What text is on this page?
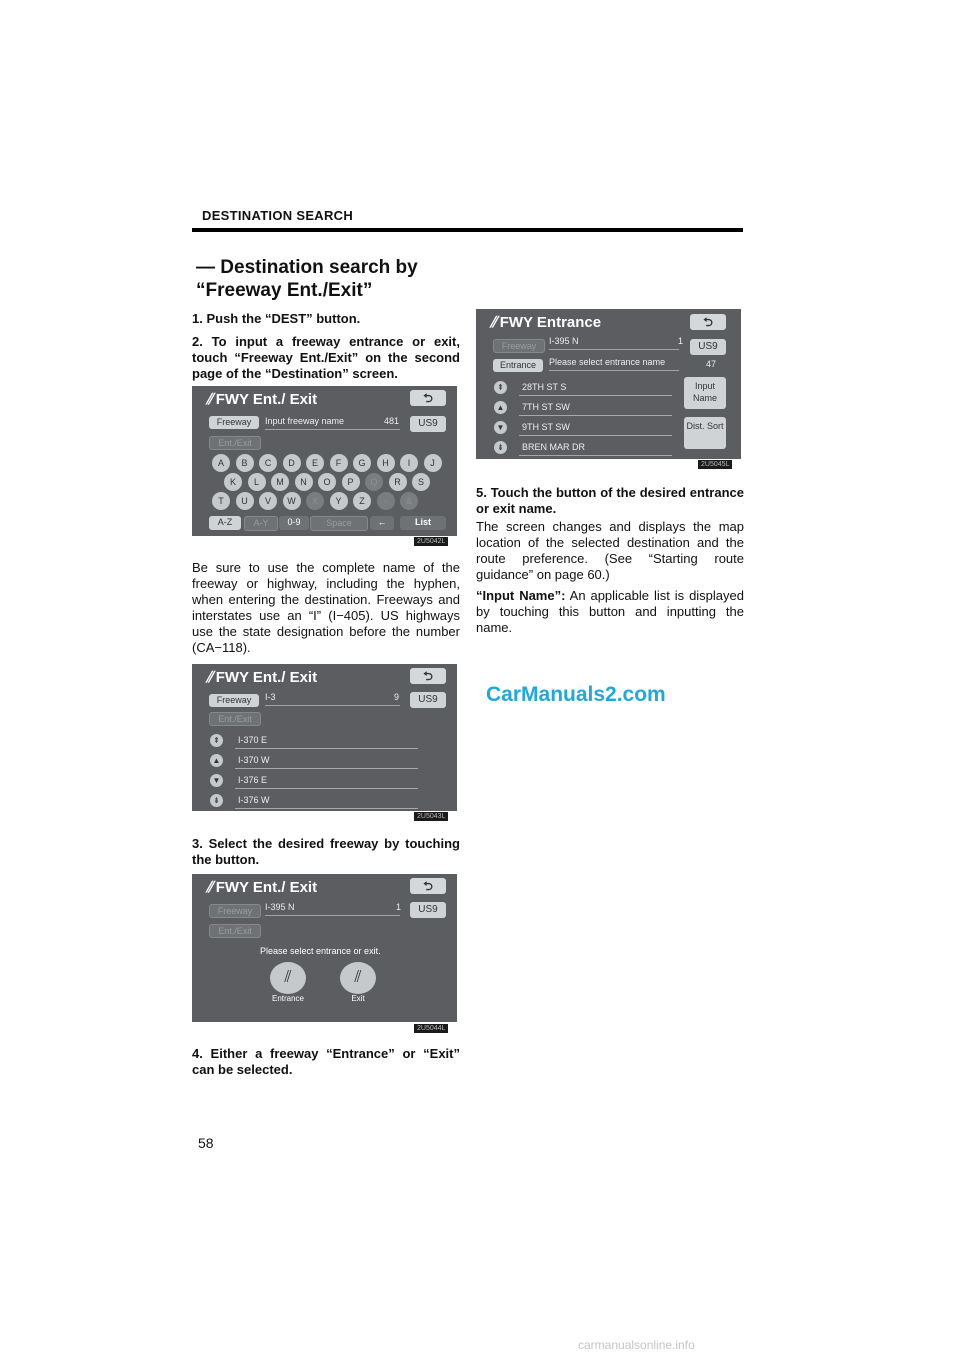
DESTINATION SEARCH
— Destination search by “Freeway Ent./Exit”
1. Push the “DEST” button.
2. To input a freeway entrance or exit, touch “Freeway Ent./Exit” on the second page of the “Destination” screen.
⫽ FWY Ent./ Exit	⮌
Freeway
Ent./Exit
Input freeway name	481	US9
A	B	C	D	E	F	G	H	I	J
K	L	M	N	O	P	Q	R	S
T	U	V	W	X	Y	Z	-	&
A-Z	A-Y	0-9	Space	←	List
2U5042L
Be sure to use the complete name of the freeway or highway, including the hyphen, when entering the destination. Freeways and interstates use an “I” (I−405). US highways use the state designation before the number (CA−118).
⫽ FWY Ent./ Exit	⮌
Freeway
Ent./Exit
I-3	9	US9
⇞
▲
▼
⇟
I-370 E
I-370 W
I-376 E
I-376 W
2U5043L
3. Select the desired freeway by touching the button.
⫽ FWY Ent./ Exit	⮌
Freeway
Ent./Exit
I-395 N	1	US9
Please select entrance or exit.
⫽
Entrance
⫽
Exit
2U5044L
4. Either a freeway “Entrance” or “Exit” can be selected.
⫽ FWY Entrance	⮌
Freeway
Entrance
I-395 N	1
Please select entrance name
US9
47
Input Name
Dist. Sort
⇞
▲
▼
⇟
28TH ST S
7TH ST SW
9TH ST SW
BREN MAR DR
2U5045L
5. Touch the button of the desired entrance or exit name.
The screen changes and displays the map location of the selected destination and the route preference. (See “Starting route guidance” on page 60.)
“Input Name”: An applicable list is displayed by touching this button and inputting the name.
CarManuals2.com
58
carmanualsonline.info
